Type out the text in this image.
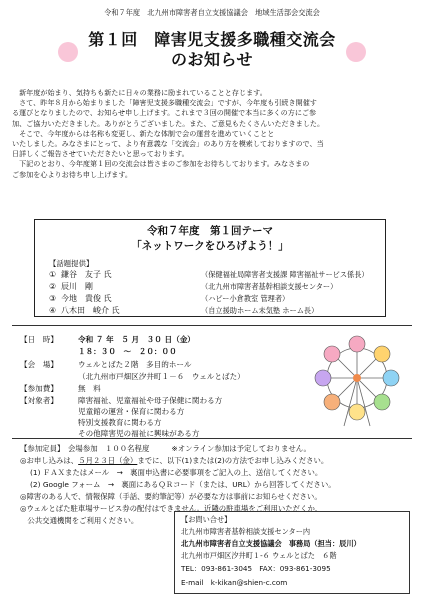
令和７年度　北九州市障害者自立支援協議会　地域生活部会交流会
第１回　障害児支援多職種交流会
のお知らせ

　新年度が始まり、気持ちも新たに日々の業務に励まれていることと存じます。

　さて、昨年８月から始まりました「障害児支援多職種交流会」ですが、今年度も引続き開催す

る運びとなりましたので、お知らせ申し上げます。これまで３回の開催で本当に多くの方にご参

加、ご協力いただきました。ありがとうございました。また、ご意見もたくさんいただきました。

　そこで、今年度からは名称も変更し、新たな体制で会の運営を進めていくことと

いたしました。みなさまにとって、より有意義な「交流会」のあり方を模索しておりますので、当

日詳しくご報告させていただきたいと思っております。

　下記のとおり、今年度第１回の交流会は皆さまのご参加をお待ちしております。みなさまの

ご参加を心よりお待ち申し上げます。

令和７年度　第１回テーマ
「ネットワークをひろげよう！」
【話題提供】
① 鎌谷　友子 氏	（保健福祉局障害者支援課 障害福祉サービス係長）
② 辰川　剛	（北九州市障害者基幹相談支援センター）
③ 今地　貴俊 氏	（ハピー小倉教室 管理者）
④ 八木田　峻介 氏	（自立援助ホーム未気塾 ホーム長）
【日　時】	令和 ７ 年　５ 月　３０ 日（金）
１８：３０　～　２０：００
【会　場】	ウェルとばた２階　多目的ホール
（北九州市戸畑区汐井町１－６　ウェルとばた）
【参加費】	無　料
【対象者】	障害福祉、児童福祉や母子保健に関わる方
児童館の運営・保育に関わる方
特別支援教育に関わる方
その他障害児の福祉に興味がある方
【参加定員】　会場参加　１００名程度　　　※オンライン参加は予定しておりません。
◎お申し込みは、５月２３日（金）までに、以下(1)または(2)の方法でお申し込みください。
(1) ＦＡＸまたはメール　→　裏面申込書に必要事項をご記入の上、送信してください。
(2) Google フォーム　→　裏面にあるＱＲコード（または、URL）から回答してください。
◎障害のある人で、情報保障（手話、要約筆記等）が必要な方は事前にお知らせください。
◎ウェルとばた駐車場サービス券の配付はできません。近隣の駐車場をご利用いただくか、
　公共交通機関をご利用ください。	【お問い合せ】
北九州市障害者基幹相談支援センター内
北九州市障害者自立支援協議会　事務局（担当：辰川）
北九州市戸畑区汐井町１-６ ウェルとばた　６階
TEL：093-861-3045　FAX：093-861-3095
E-mail　k-kikan@shien-c.com
